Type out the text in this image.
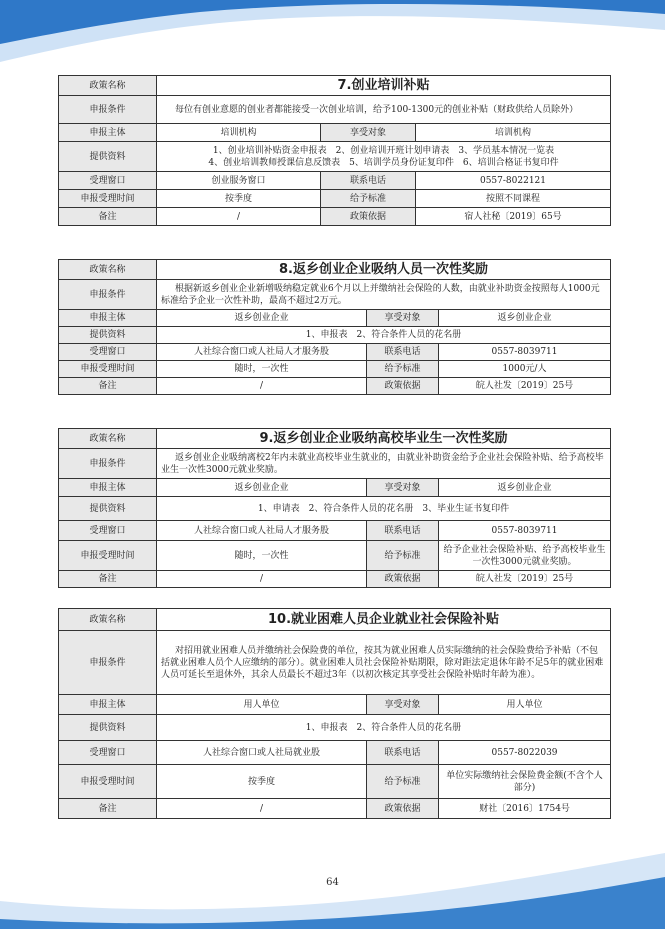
政策名称	7.创业培训补贴		
申报条件	每位有创业意愿的创业者都能接受一次创业培训，给予100-1300元的创业补贴（财政供给人员除外）		
申报主体	培训机构	享受对象	培训机构
提供资料	1、创业培训补贴资金申报表　2、创业培训开班计划申请表　3、学员基本情况一览表
4、创业培训教师授课信息反馈表　5、培训学员身份证复印件　6、培训合格证书复印件		

受理窗口	创业服务窗口	联系电话	0557-8022121
申报受理时间	按季度	给予标准	按照不同课程
备注	/	政策依据	宿人社秘〔2019〕65号
政策名称	8.返乡创业企业吸纳人员一次性奖励		
申报条件	根据新返乡创业企业新增吸纳稳定就业6个月以上并缴纳社会保险的人数，由就业补助资金按照每人1000元标准给予企业一次性补助，最高不超过2万元。		
申报主体	返乡创业企业	享受对象	返乡创业企业
提供资料	1、申报表　2、符合条件人员的花名册		
受理窗口	人社综合窗口或人社局人才服务股	联系电话	0557-8039711
申报受理时间	随时，一次性	给予标准	1000元/人
备注	/	政策依据	皖人社发〔2019〕25号
政策名称	9.返乡创业企业吸纳高校毕业生一次性奖励		
申报条件	返乡创业企业吸纳离校2年内未就业高校毕业生就业的，由就业补助资金给予企业社会保险补贴、给予高校毕业生一次性3000元就业奖励。		
申报主体	返乡创业企业	享受对象	返乡创业企业
提供资料	1、申请表　2、符合条件人员的花名册　3、毕业生证书复印件		
受理窗口	人社综合窗口或人社局人才服务股	联系电话	0557-8039711
申报受理时间	随时，一次性	给予标准	给予企业社会保险补贴、给予高校毕业生一次性3000元就业奖励。
备注	/	政策依据	皖人社发〔2019〕25号
政策名称	10.就业困难人员企业就业社会保险补贴		
申报条件	对招用就业困难人员并缴纳社会保险费的单位，按其为就业困难人员实际缴纳的社会保险费给予补贴（不包括就业困难人员个人应缴纳的部分）。就业困难人员社会保险补贴期限，除对距法定退休年龄不足5年的就业困难人员可延长至退休外，其余人员最长不超过3年（以初次核定其享受社会保险补贴时年龄为准）。		
申报主体	用人单位	享受对象	用人单位
提供资料	1、申报表　2、符合条件人员的花名册		
受理窗口	人社综合窗口或人社局就业股	联系电话	0557-8022039
申报受理时间	按季度	给予标准	单位实际缴纳社会保险费金额(不含个人部分)
备注	/	政策依据	财社〔2016〕1754号
64
